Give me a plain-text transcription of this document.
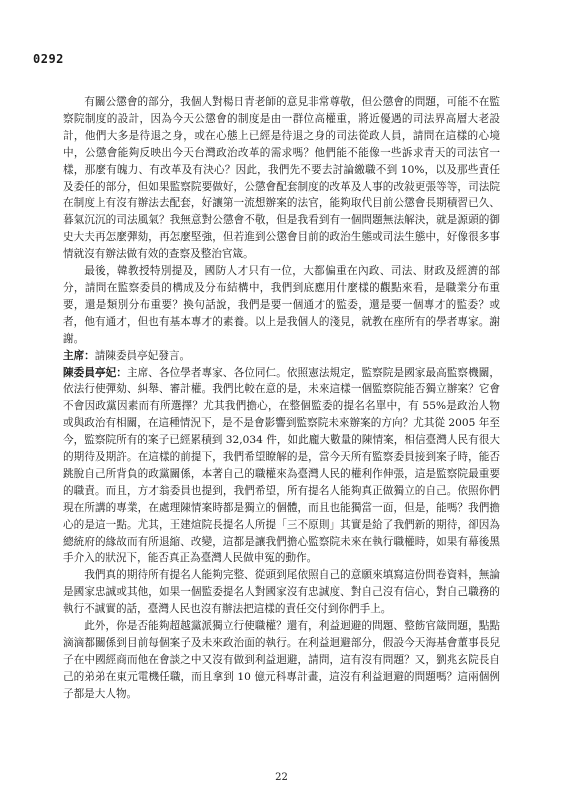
0292

有關公懲會的部分，我個人對楊日青老師的意見非常尊敬，但公懲會的問題，可能不在監察院制度的設計，因為今天公懲會的制度是由一群位高權重，將近優遇的司法界高層大老設計，他們大多是待退之身，或在心態上已經是待退之身的司法從政人員，請問在這樣的心境中，公懲會能夠反映出今天台灣政治改革的需求嗎？他們能不能像一些訴求青天的司法官一樣，那麼有魄力、有改革及有決心？因此，我們先不要去討論繳職不到 10%，以及那些責任及委任的部分，但如果監察院要做好，公懲會配套制度的改革及人事的改敍更張等等，司法院在制度上有沒有辦法去配套，好讓第一流想辦案的法官，能夠取代目前公懲會長期積習已久、暮氣沉沉的司法風氣？我無意對公懲會不敬，但是我看到有一個問題無法解決，就是源頭的御史大夫再怎麼彈劾，再怎麼堅強，但若進到公懲會目前的政治生態或司法生態中，好像很多事情就沒有辦法做有效的查察及整治官箴。

最後，韓教授特別提及，國防人才只有一位，大都偏重在內政、司法、財政及經濟的部分，請問在監察委員的構成及分布結構中，我們到底應用什麼樣的觀點來看，是職業分布重要，還是類別分布重要？換句話說，我們是要一個通才的監委，還是要一個專才的監委？或者，他有通才，但也有基本專才的素養。以上是我個人的淺見，就教在座所有的學者專家。謝謝。

主席：請陳委員亭妃發言。

陳委員亭妃：主席、各位學者專家、各位同仁。依照憲法規定，監察院是國家最高監察機關，依法行使彈劾、糾舉、審計權。我們比較在意的是，未來這樣一個監察院能否獨立辦案？它會不會因政黨因素而有所選擇？尤其我們擔心，在整個監委的提名名單中，有 55%是政治人物或與政治有相關，在這種情況下，是不是會影響到監察院未來辦案的方向？尤其從 2005 年至今，監察院所有的案子已經累積到 32,034 件，如此龐大數量的陳情案，相信臺灣人民有很大的期待及期許。在這樣的前提下，我們希望瞭解的是，當今天所有監察委員接到案子時，能否跳脫自己所背負的政黨關係，本著自己的職權來為臺灣人民的權利作伸張，這是監察院最重要的職責。而且，方才翁委員也提到，我們希望，所有提名人能夠真正做獨立的自己。依照你們現在所講的專業，在處理陳情案時都是獨立的個體，而且也能獨當一面，但是，能嗎？我們擔心的是這一點。尤其，王建煊院長提名人所提「三不原則」其實是給了我們新的期待，卻因為總統府的緣故而有所退縮、改變，這都是讓我們擔心監察院未來在執行職權時，如果有幕後黑手介入的狀況下，能否真正為臺灣人民做申冤的動作。

我們真的期待所有提名人能夠完整、從頭到尾依照自己的意願來填寫這份問卷資料，無論是國家忠誠或其他，如果一個監委提名人對國家沒有忠誠度、對自己沒有信心，對自己職務的執行不誠實的話，臺灣人民也沒有辦法把這樣的責任交付到你們手上。

此外，你是否能夠超越黨派獨立行使職權？還有，利益迴避的問題、整飭官箴問題，點點滴滴都關係到目前每個案子及未來政治面的執行。在利益迴避部分，假設今天海基會董事長兒子在中國經商而他在會談之中又沒有做到利益迴避，請問，這有沒有問題？又，劉兆玄院長自己的弟弟在東元電機任職，而且拿到 10 億元科專計畫，這沒有利益迴避的問題嗎？這兩個例子都是大人物。

22
